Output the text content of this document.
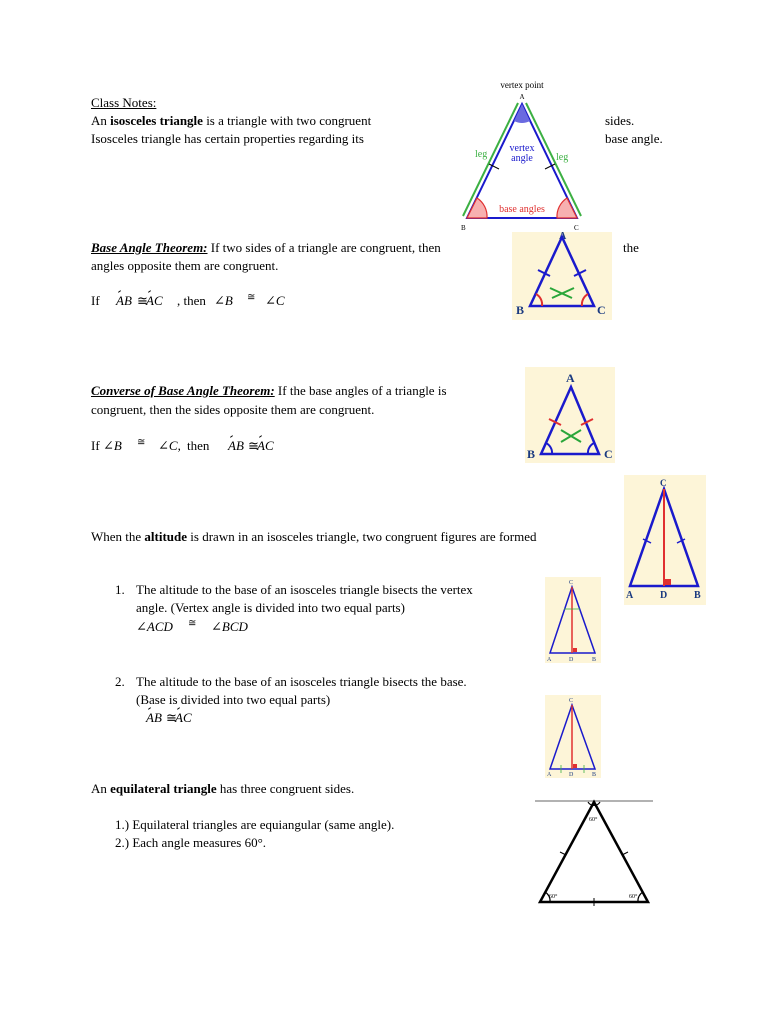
Class Notes:
An isosceles triangle is a triangle with two congruent	sides.
Isosceles triangle has certain properties regarding its	base angle.
vertex point
A
leg	leg
vertex
angle
base angles
B	C
Base Angle Theorem: If two sides of a triangle are congruent, then	the
angles opposite them are congruent.
If AB ≅
AC , then ∠B ≅ ∠C
A
B	C
Converse of Base Angle Theorem: If the base angles of a triangle is
congruent, then the sides opposite them are congruent.
If ∠B ≅ ∠C, then AB ≅
AC
A
B	C
When the altitude is drawn in an isosceles triangle, two congruent figures are formed
C
A	D	B
1. The altitude to the base of an isosceles triangle bisects the vertex
angle. (Vertex angle is divided into two equal parts)
∠ACD ≅ ∠BCD
C
A	D	B
2. The altitude to the base of an isosceles triangle bisects the base.
(Base is divided into two equal parts)
AB ≅
AC
C
A	D	B
An equilateral triangle has three congruent sides.
1.) Equilateral triangles are equiangular (same angle).
2.) Each angle measures 60°.
60°
60°	60°
